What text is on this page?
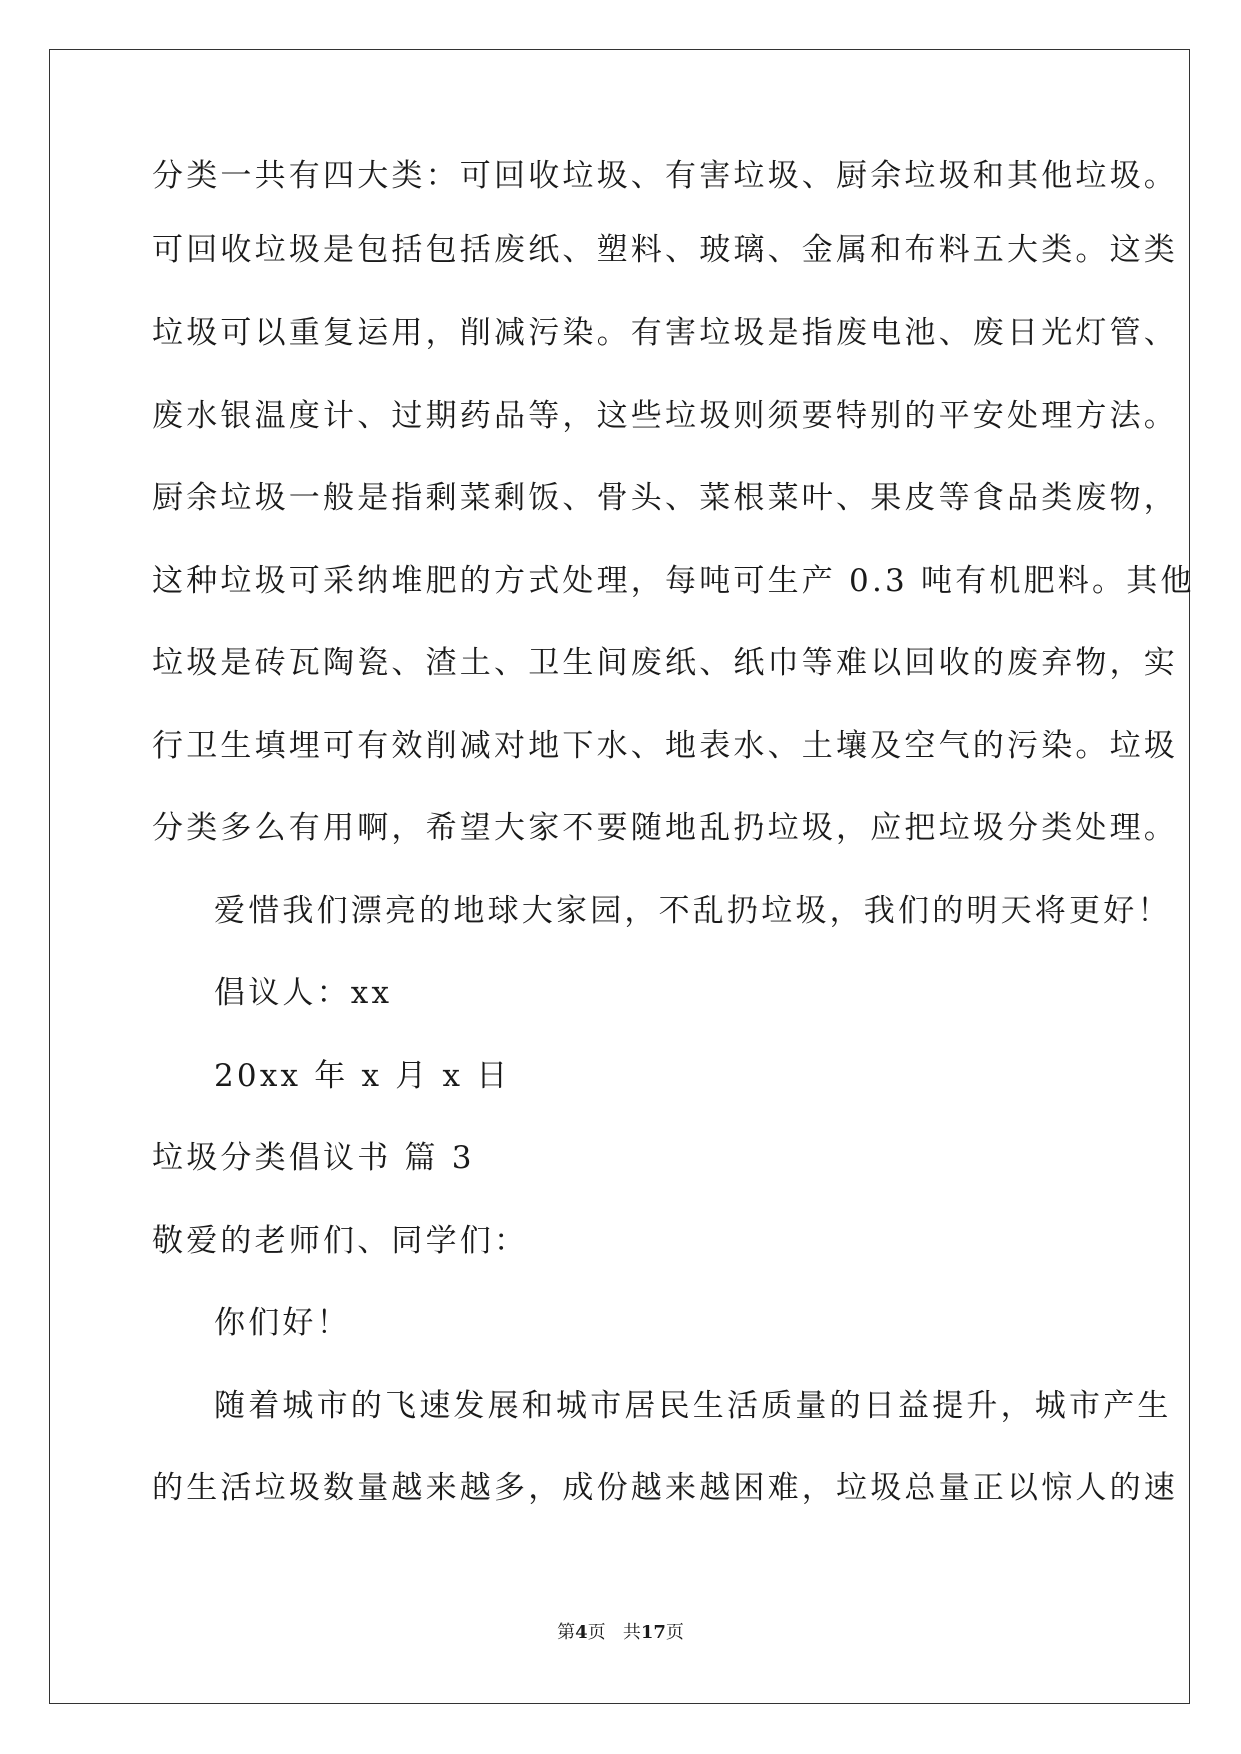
分类一共有四大类：可回收垃圾、有害垃圾、厨余垃圾和其他垃圾。
可回收垃圾是包括包括废纸、塑料、玻璃、金属和布料五大类。这类
垃圾可以重复运用，削减污染。有害垃圾是指废电池、废日光灯管、
废水银温度计、过期药品等，这些垃圾则须要特别的平安处理方法。
厨余垃圾一般是指剩菜剩饭、骨头、菜根菜叶、果皮等食品类废物，
这种垃圾可采纳堆肥的方式处理，每吨可生产 0.3 吨有机肥料。其他
垃圾是砖瓦陶瓷、渣土、卫生间废纸、纸巾等难以回收的废弃物，实
行卫生填埋可有效削减对地下水、地表水、土壤及空气的污染。垃圾
分类多么有用啊，希望大家不要随地乱扔垃圾，应把垃圾分类处理。
爱惜我们漂亮的地球大家园，不乱扔垃圾，我们的明天将更好！
倡议人：xx
20xx 年 x 月 x 日
垃圾分类倡议书 篇 3
敬爱的老师们、同学们：
你们好！
随着城市的飞速发展和城市居民生活质量的日益提升，城市产生
的生活垃圾数量越来越多，成份越来越困难，垃圾总量正以惊人的速
第4页 共17页
